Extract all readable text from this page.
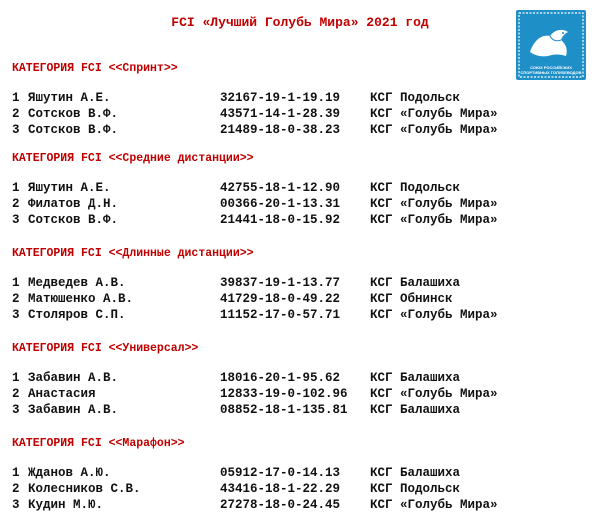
FCI «Лучший Голубь Мира» 2021 год
СОЮЗ РОССИЙСКИХ
СПОРТИВНЫХ ГОЛУБЕВОДОВ
КАТЕГОРИЯ FCI <<Спринт>>
1 Яшутин А.Е.	32167-19-1-19.19 КСГ Подольск
2 Сотсков В.Ф.	43571-14-1-28.39 КСГ «Голубь Мира»
3 Сотсков В.Ф.	21489-18-0-38.23 КСГ «Голубь Мира»
КАТЕГОРИЯ FCI <<Средние дистанции>>
1 Яшутин А.Е.	42755-18-1-12.90 КСГ Подольск
2 Филатов Д.Н.	00366-20-1-13.31 КСГ «Голубь Мира»
3 Сотсков В.Ф.	21441-18-0-15.92 КСГ «Голубь Мира»
КАТЕГОРИЯ FCI <<Длинные дистанции>>
1 Медведев А.В.	39837-19-1-13.77 КСГ Балашиха
2 Матюшенко А.В.	41729-18-0-49.22 КСГ Обнинск
3 Столяров С.П.	11152-17-0-57.71 КСГ «Голубь Мира»
КАТЕГОРИЯ FCI <<Универсал>>
1 Забавин А.В.	18016-20-1-95.62 КСГ Балашиха
2 Анастасия	12833-19-0-102.96 КСГ «Голубь Мира»
3 Забавин А.В.	08852-18-1-135.81 КСГ Балашиха
КАТЕГОРИЯ FCI <<Марафон>>
1 Жданов А.Ю.	05912-17-0-14.13 КСГ Балашиха
2 Колесников С.В.	43416-18-1-22.29 КСГ Подольск
3 Кудин М.Ю.	27278-18-0-24.45 КСГ «Голубь Мира»
